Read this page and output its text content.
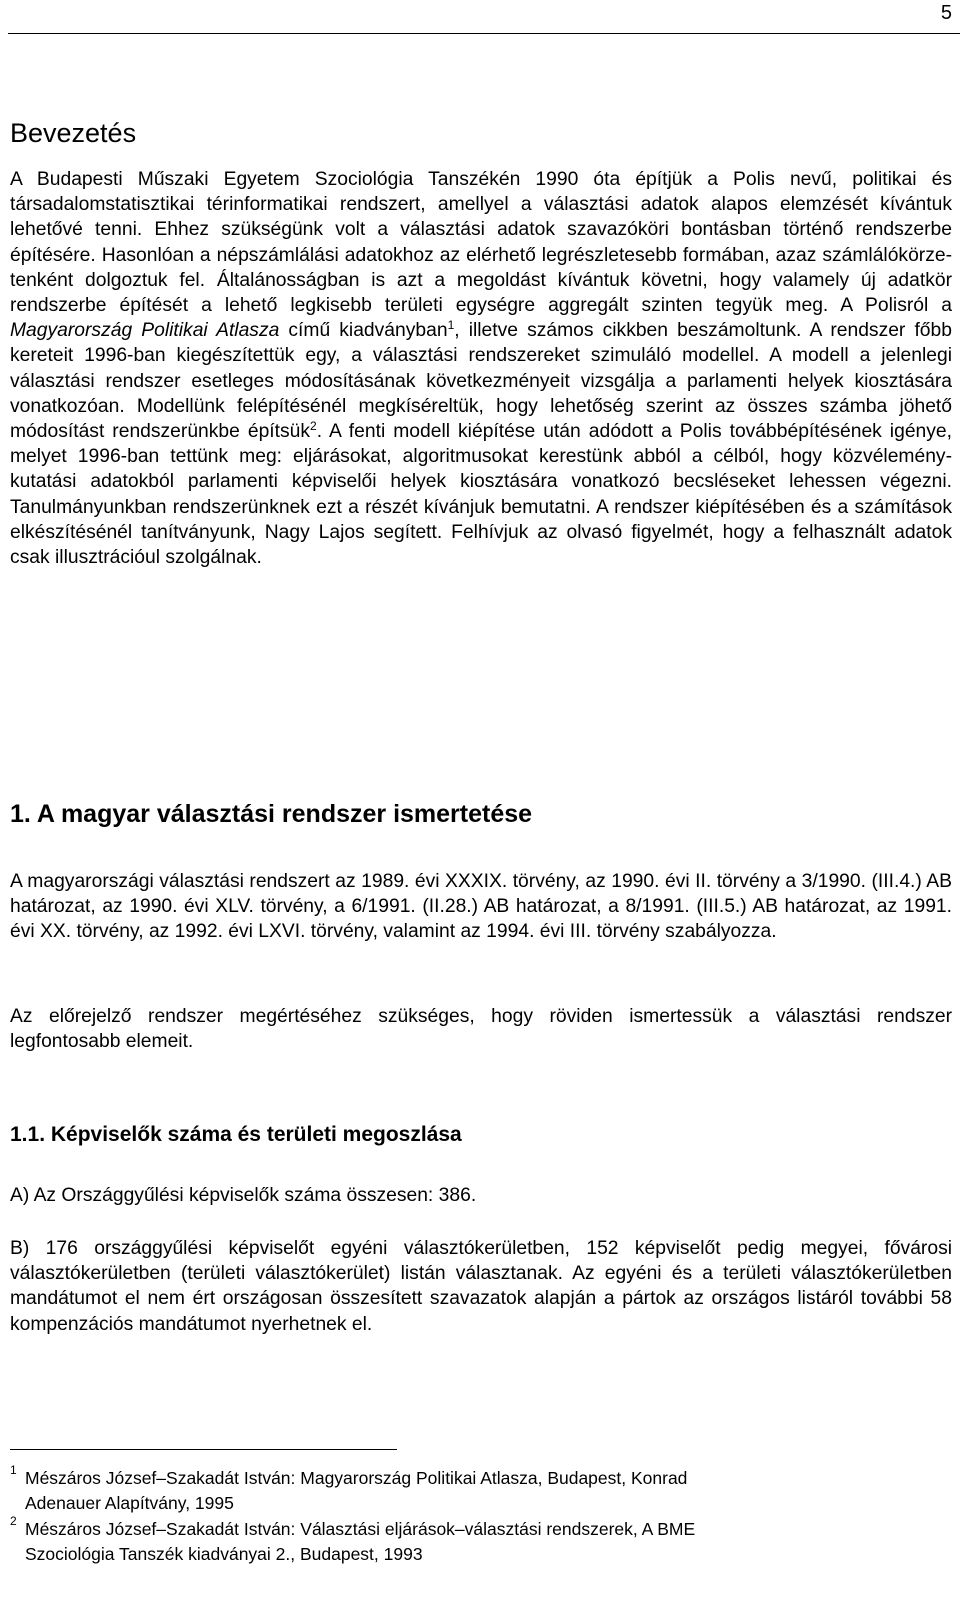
5
Bevezetés

A Budapesti Műszaki Egyetem Szociológia Tanszékén 1990 óta építjük a Polis nevű, politikai és társadalomstatisztikai térinformatikai rendszert, amellyel a választási adatok alapos elemzését kívántuk lehetővé tenni. Ehhez szükségünk volt a választási adatok szavazóköri bontásban történő rendszerbe építésére. Hasonlóan a népszámlálási adatokhoz az elérhető legrészletesebb formában, azaz számlálókörzetenként dolgoztuk fel. Általánosságban is azt a megoldást kívántuk követni, hogy valamely új adatkör rendszerbe építését a lehető legkisebb területi egységre aggregált szinten tegyük meg. A Polisról a Magyarország Politikai Atlasza című kiadványban$^1$, illetve számos cikkben beszámoltunk. A rendszer főbb kereteit 1996-ban kiegészítettük egy, a választási rendszereket szimuláló modellel. A modell a jelenlegi választási rendszer esetleges módosításának következményeit vizsgálja a parlamenti helyek kiosztására vonatkozóan. Modellünk felépítésénél megkíséreltük, hogy lehetőség szerint az összes számba jöhető módosítást rendszerünkbe építsük$^2$. A fenti modell kiépítése után adódott a Polis továbbépítésének igénye, melyet 1996-ban tettünk meg: eljárásokat, algoritmusokat kerestünk abból a célból, hogy közvélemény-kutatási adatokból parlamenti képviselői helyek kiosztására vonatkozó becsléseket lehessen végezni. Tanulmányunkban rendszerünknek ezt a részét kívánjuk bemutatni. A rendszer kiépítésében és a számítások elkészítésénél tanítványunk, Nagy Lajos segített. Felhívjuk az olvasó figyelmét, hogy a felhasznált adatok csak illusztrációul szolgálnak.

1. A magyar választási rendszer ismertetése

A magyarországi választási rendszert az 1989. évi XXXIX. törvény, az 1990. évi II. törvény a 3/1990. (III.4.) AB határozat, az 1990. évi XLV. törvény, a 6/1991. (II.28.) AB határozat, a 8/1991. (III.5.) AB határozat, az 1991. évi XX. törvény, az 1992. évi LXVI. törvény, valamint az 1994. évi III. törvény szabályozza.

Az előrejelző rendszer megértéséhez szükséges, hogy röviden ismertessük a választási rendszer legfontosabb elemeit.

1.1. Képviselők száma és területi megoszlása

A) Az Országgyűlési képviselők száma összesen: 386.

B) 176 országgyűlési képviselőt egyéni választókerületben, 152 képviselőt pedig megyei, fővárosi választókerületben (területi választókerület) listán választanak. Az egyéni és a területi választókerületben mandátumot el nem ért országosan összesített szavazatok alapján a pártok az országos listáról további 58 kompenzációs mandátumot nyerhetnek el.

1 Mészáros József–Szakadát István: Magyarország Politikai Atlasza, Budapest, Konrad
Adenauer Alapítvány, 1995
2 Mészáros József–Szakadát István: Választási eljárások–választási rendszerek, A BME
Szociológia Tanszék kiadványai 2., Budapest, 1993
